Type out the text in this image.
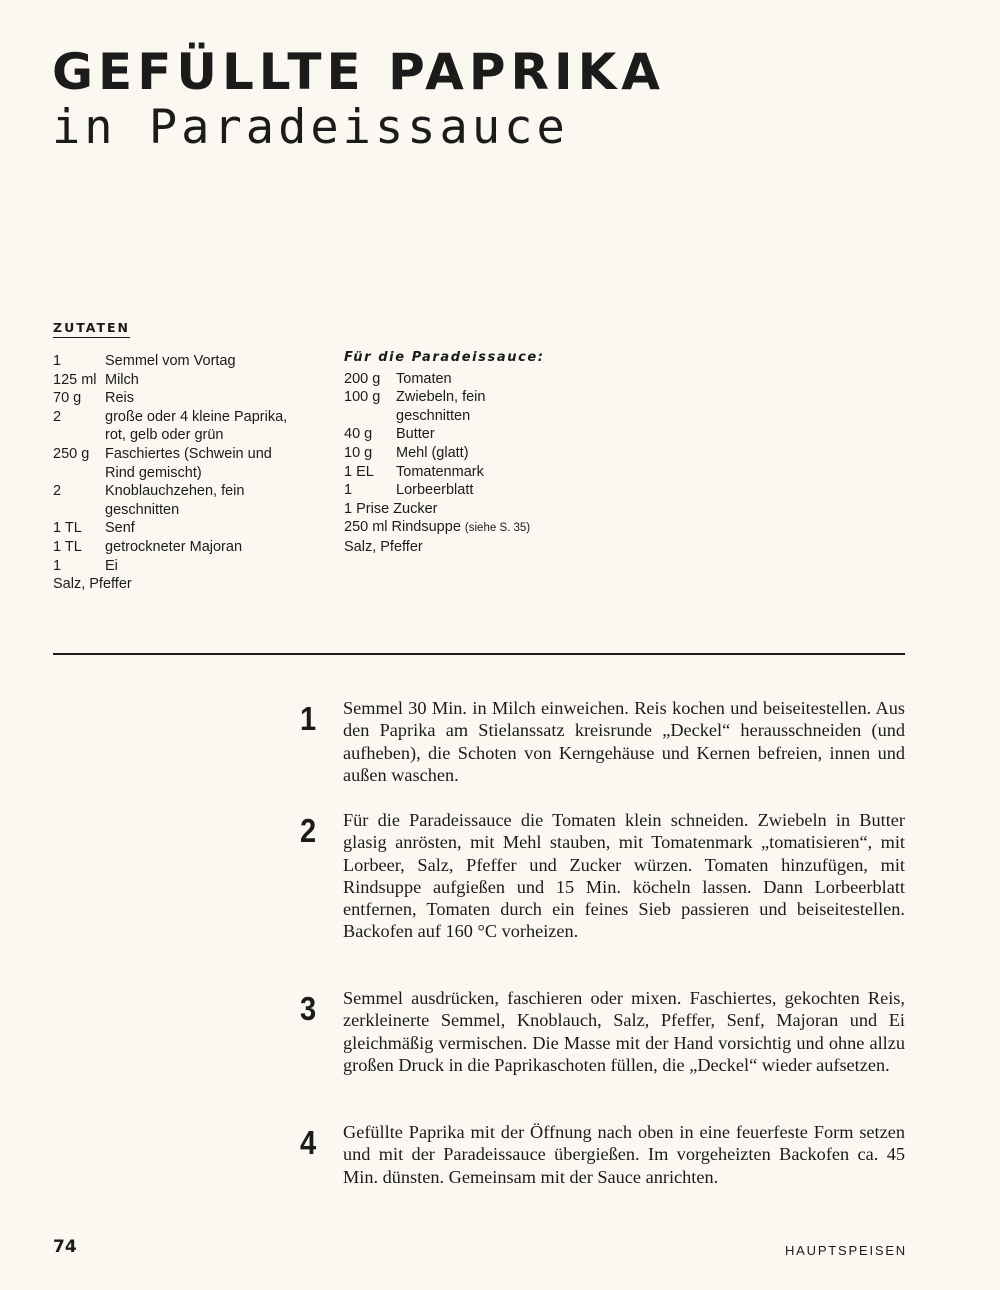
GEFÜLLTE PAPRIKA
in Paradeissauce
ZUTATEN
1	Semmel vom Vortag
125 ml Milch
70 g	Reis
2	große oder 4 kleine Paprika, rot, gelb oder grün
250 g	Faschiertes (Schwein und Rind gemischt)
2	Knoblauchzehen, fein geschnitten
1 TL	Senf
1 TL	getrockneter Majoran
1	Ei
Salz, Pfeffer
Für die Paradeissauce:
200 g	Tomaten
100 g	Zwiebeln, fein geschnitten
40 g	Butter
10 g	Mehl (glatt)
1 EL	Tomatenmark
1	Lorbeerblatt
1 Prise Zucker
250 ml Rindsuppe (siehe S. 35)
Salz, Pfeffer
1	Semmel 30 Min. in Milch einweichen. Reis kochen und beiseitestellen. Aus den Paprika am Stielanssatz kreisrunde „Deckel“ herausschneiden (und aufheben), die Schoten von Kerngehäuse und Kernen befreien, innen und außen waschen.
2	Für die Paradeissauce die Tomaten klein schneiden. Zwiebeln in Butter glasig anrösten, mit Mehl stauben, mit Tomatenmark „tomatisieren“, mit Lorbeer, Salz, Pfeffer und Zucker würzen. Tomaten hinzufügen, mit Rindsuppe aufgießen und 15 Min. köcheln lassen. Dann Lorbeerblatt entfernen, Tomaten durch ein feines Sieb passieren und beiseitestellen. Backofen auf 160 °C vorheizen.
3	Semmel ausdrücken, faschieren oder mixen. Faschiertes, gekochten Reis, zerkleinerte Semmel, Knoblauch, Salz, Pfeffer, Senf, Majoran und Ei gleichmäßig vermischen. Die Masse mit der Hand vorsichtig und ohne allzu großen Druck in die Paprikaschoten füllen, die „Deckel“ wieder aufsetzen.
4	Gefüllte Paprika mit der Öffnung nach oben in eine feuerfeste Form setzen und mit der Paradeissauce übergießen. Im vorgeheizten Backofen ca. 45 Min. dünsten. Gemeinsam mit der Sauce anrichten.
74	HAUPTSPEISEN
